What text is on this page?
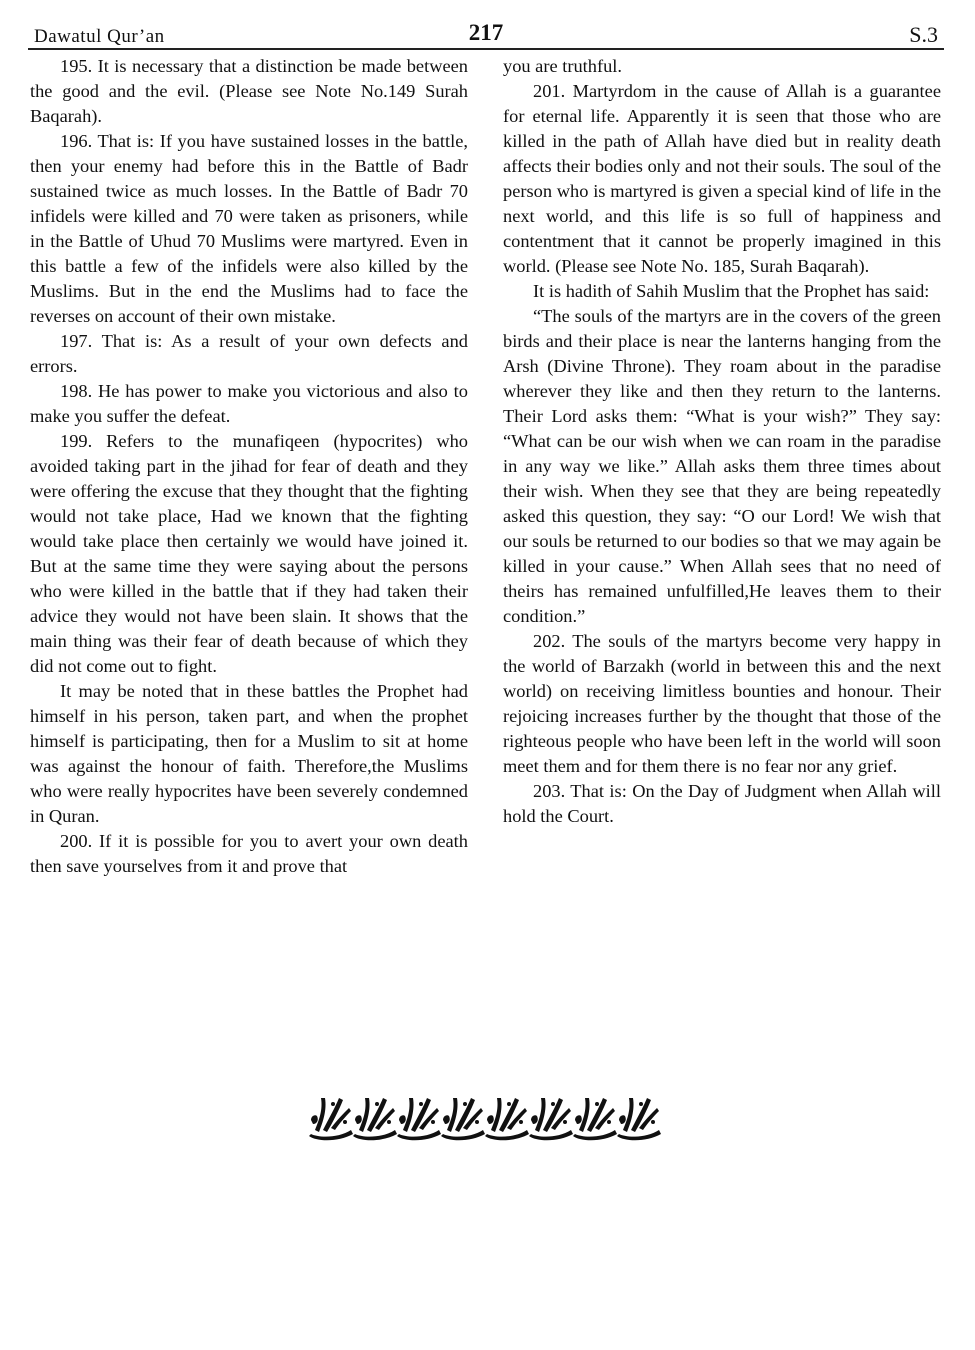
Dawatul Qur’an	217	S.3

195. It is necessary that a distinction be made between the good and the evil. (Please see Note No.149 Surah Baqarah).

196. That is: If you have sustained losses in the battle, then your enemy had before this in the Battle of Badr sustained twice as much losses. In the Battle of Badr 70 infidels were killed and 70 were taken as prisoners, while in the Battle of Uhud 70 Muslims were martyred. Even in this battle a few of the infidels were also killed by the Muslims. But in the end the Muslims had to face the reverses on account of their own mistake.

197. That is: As a result of your own defects and errors.

198. He has power to make you victorious and also to make you suffer the defeat.

199. Refers to the munafiqeen (hypocrites) who avoided taking part in the jihad for fear of death and they were offering the excuse that they thought that the fighting would not take place, Had we known that the fighting would take place then certainly we would have joined it. But at the same time they were saying about the persons who were killed in the battle that if they had taken their advice they would not have been slain. It shows that the main thing was their fear of death because of which they did not come out to fight.

It may be noted that in these battles the Prophet had himself in his person, taken part, and when the prophet himself is participating, then for a Muslim to sit at home was against the honour of faith. Therefore,the Muslims who were really hypocrites have been severely condemned in Quran.

200. If it is possible for you to avert your own death then save yourselves from it and prove that

you are truthful.

201. Martyrdom in the cause of Allah is a guarantee for eternal life. Apparently it is seen that those who are killed in the path of Allah have died but in reality death affects their bodies only and not their souls. The soul of the person who is martyred is given a special kind of life in the next world, and this life is so full of happiness and contentment that it cannot be properly imagined in this world. (Please see Note No. 185, Surah Baqarah).

It is hadith of Sahih Muslim that the Prophet has said:

“The souls of the martyrs are in the covers of the green birds and their place is near the lanterns hanging from the Arsh (Divine Throne). They roam about in the paradise wherever they like and then they return to the lanterns. Their Lord asks them: “What is your wish?” They say: “What can be our wish when we can roam in the paradise in any way we like.” Allah asks them three times about their wish. When they see that they are being repeatedly asked this question, they say: “O our Lord! We wish that our souls be returned to our bodies so that we may again be killed in your cause.” When Allah sees that no need of theirs has remained unfulfilled,He leaves them to their condition.”

202. The souls of the martyrs become very happy in the world of Barzakh (world in between this and the next world) on receiving limitless bounties and honour. Their rejoicing increases further by the thought that those of the righteous people who have been left in the world will soon meet them and for them there is no fear nor any grief.

203. That is: On the Day of Judgment when Allah will hold the Court.
